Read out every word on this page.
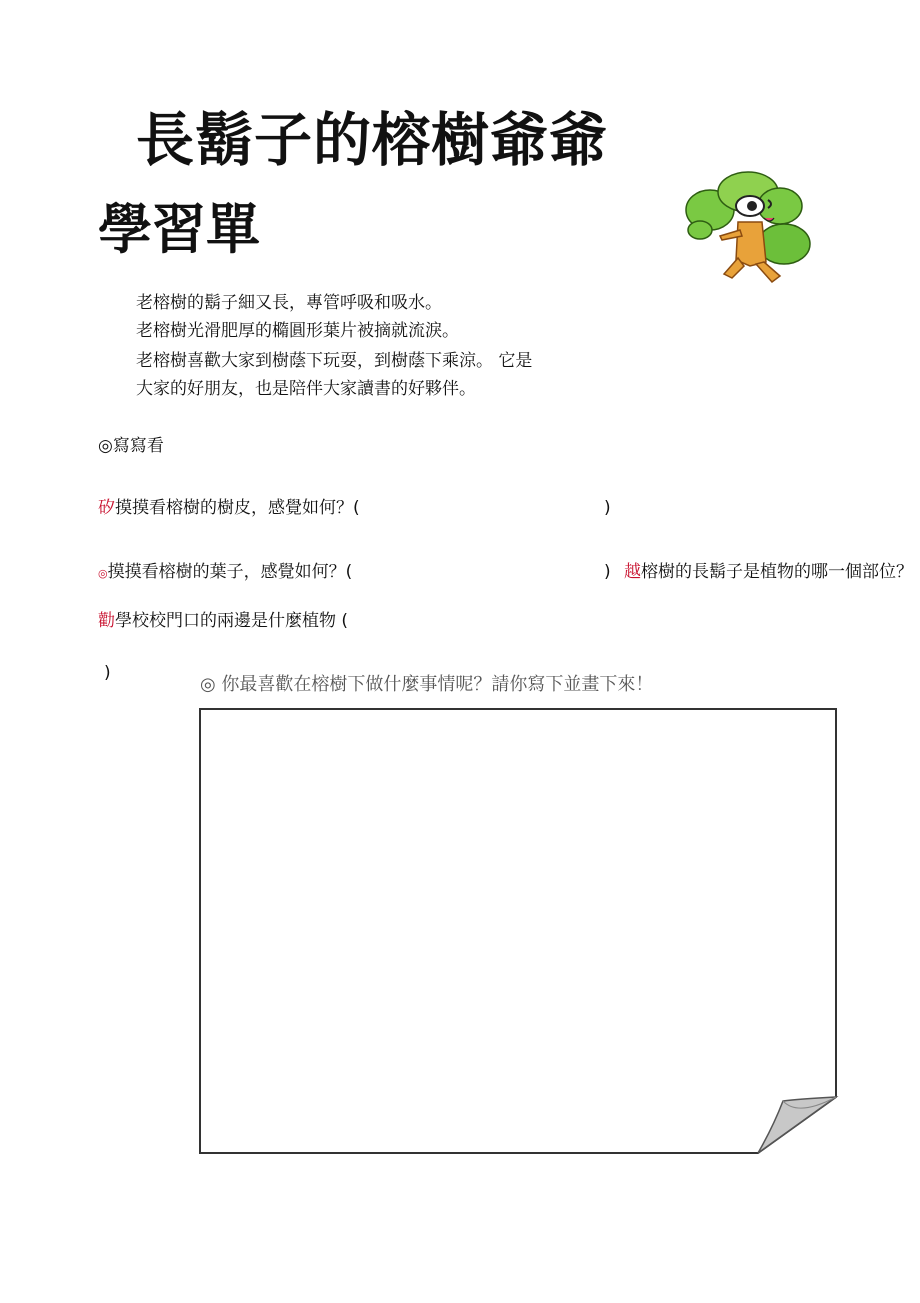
長鬍子的榕樹爺爺
學習單
老榕樹的鬍子細又長，專管呼吸和吸水。
老榕樹光滑肥厚的橢圓形葉片被摘就流淚。
老榕樹喜歡大家到樹蔭下玩耍，到樹蔭下乘涼。 它是
大家的好朋友，也是陪伴大家讀書的好夥伴。
◎寫寫看
矽摸摸看榕樹的樹皮，感覺如何？(	)
◎摸摸看榕樹的葉子，感覺如何？(	) 越榕樹的長鬍子是植物的哪一個部位？
勸學校校門口的兩邊是什麼植物 (
)
◎ 你最喜歡在榕樹下做什麼事情呢？請你寫下並畫下來！
